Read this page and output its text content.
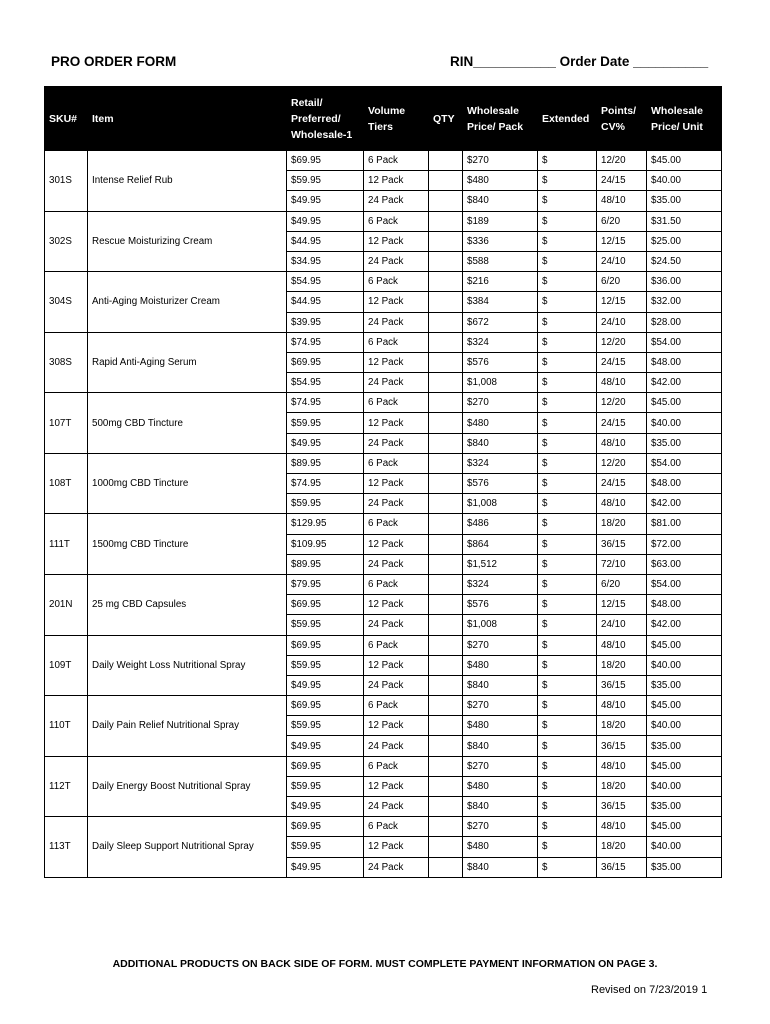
PRO ORDER FORM	RIN___________ Order Date __________
SKU#	Item	Retail/ Preferred/ Wholesale-1	Volume Tiers	QTY	Wholesale Price/ Pack	Extended	Points/ CV%	Wholesale Price/ Unit
301S	Intense Relief Rub	$69.95	6 Pack		$270	$	12/20	$45.00
		$59.95	12 Pack		$480	$	24/15	$40.00
		$49.95	24 Pack		$840	$	48/10	$35.00
302S	Rescue Moisturizing Cream	$49.95	6 Pack		$189	$	6/20	$31.50
		$44.95	12 Pack		$336	$	12/15	$25.00
		$34.95	24 Pack		$588	$	24/10	$24.50
304S	Anti-Aging Moisturizer Cream	$54.95	6 Pack		$216	$	6/20	$36.00
		$44.95	12 Pack		$384	$	12/15	$32.00
		$39.95	24 Pack		$672	$	24/10	$28.00
308S	Rapid Anti-Aging Serum	$74.95	6 Pack		$324	$	12/20	$54.00
		$69.95	12 Pack		$576	$	24/15	$48.00
		$54.95	24 Pack		$1,008	$	48/10	$42.00
107T	500mg CBD Tincture	$74.95	6 Pack		$270	$	12/20	$45.00
		$59.95	12 Pack		$480	$	24/15	$40.00
		$49.95	24 Pack		$840	$	48/10	$35.00
108T	1000mg CBD Tincture	$89.95	6 Pack		$324	$	12/20	$54.00
		$74.95	12 Pack		$576	$	24/15	$48.00
		$59.95	24 Pack		$1,008	$	48/10	$42.00
111T	1500mg CBD Tincture	$129.95	6 Pack		$486	$	18/20	$81.00
		$109.95	12 Pack		$864	$	36/15	$72.00
		$89.95	24 Pack		$1,512	$	72/10	$63.00
201N	25 mg CBD Capsules	$79.95	6 Pack		$324	$	6/20	$54.00
		$69.95	12 Pack		$576	$	12/15	$48.00
		$59.95	24 Pack		$1,008	$	24/10	$42.00
109T	Daily Weight Loss Nutritional Spray	$69.95	6 Pack		$270	$	48/10	$45.00
		$59.95	12 Pack		$480	$	18/20	$40.00
		$49.95	24 Pack		$840	$	36/15	$35.00
110T	Daily Pain Relief Nutritional Spray	$69.95	6 Pack		$270	$	48/10	$45.00
		$59.95	12 Pack		$480	$	18/20	$40.00
		$49.95	24 Pack		$840	$	36/15	$35.00
112T	Daily Energy Boost Nutritional Spray	$69.95	6 Pack		$270	$	48/10	$45.00
		$59.95	12 Pack		$480	$	18/20	$40.00
		$49.95	24 Pack		$840	$	36/15	$35.00
113T	Daily Sleep Support Nutritional Spray	$69.95	6 Pack		$270	$	48/10	$45.00
		$59.95	12 Pack		$480	$	18/20	$40.00
		$49.95	24 Pack		$840	$	36/15	$35.00
ADDITIONAL PRODUCTS ON BACK SIDE OF FORM. MUST COMPLETE PAYMENT INFORMATION ON PAGE 3.
Revised on 7/23/2019 1
